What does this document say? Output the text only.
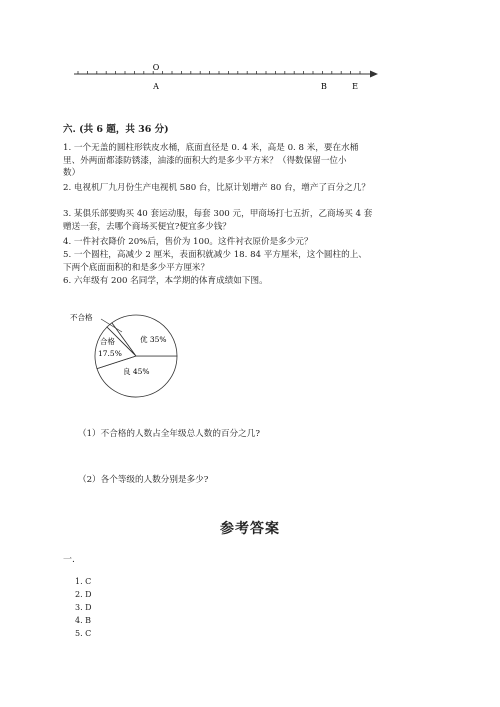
O
A	B	E
六. (共 6 题，共 36 分)
1. 一个无盖的圆柱形铁皮水桶，底面直径是 0. 4 米，高是 0. 8 米，要在水桶
里、外两面都漆防锈漆，油漆的面积大约是多少平方米？（得数保留一位小
数）
2. 电视机厂九月份生产电视机 580 台，比原计划增产 80 台，增产了百分之几？
3. 某俱乐部要购买 40 套运动服，每套 300 元，甲商场打七五折，乙商场买 4 套
赠送一套，去哪个商场买便宜?便宜多少钱？
4. 一件衬衣降价 20%后，售价为 100。这件衬衣原价是多少元？
5. 一个圆柱，高减少 2 厘米，表面积就减少 18. 84 平方厘米，这个圆柱的上、
下两个底面面积的和是多少平方厘米？
6. 六年级有 200 名同学，本学期的体育成绩如下图。
不合格
合格
17.5%
优 35%
良 45%
（1）不合格的人数占全年级总人数的百分之几?
（2）各个等级的人数分别是多少?
参考答案
一.
1. C
2. D
3. D
4. B
5. C
